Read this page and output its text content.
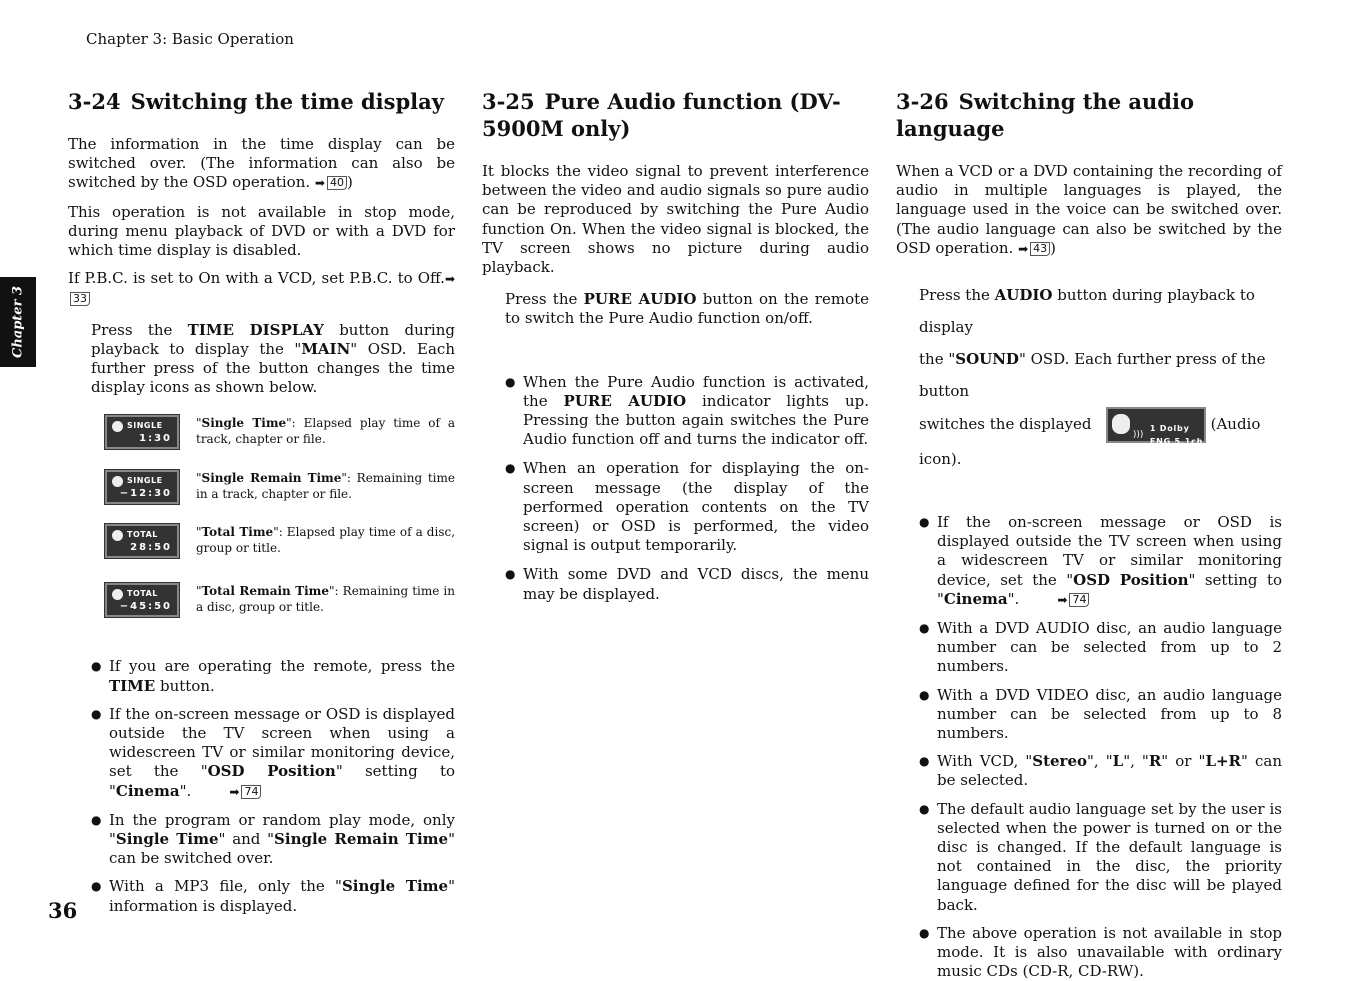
Chapter 3: Basic Operation
Chapter 3
36
3-24 Switching the time display

The information in the time display can be switched over. (The information can also be switched by the OSD operation. ➡ 40 )

This operation is not available in stop mode, during menu playback of DVD or with a DVD for which time display is disabled.

If P.B.C. is set to On with a VCD, set P.B.C. to Off.➡33

Press the TIME DISPLAY button during playback to display the "MAIN" OSD. Each further press of the button changes the time display icons as shown below.

SINGLE
1:30
"Single Time": Elapsed play time of a track, chapter or file.
SINGLE
−12:30
"Single Remain Time": Remaining time in a track, chapter or file.
TOTAL
28:50
"Total Time": Elapsed play time of a disc, group or title.
TOTAL
−45:50
"Total Remain Time": Remaining time in a disc, group or title.
● If you are operating the remote, press the TIME button.
● If the on-screen message or OSD is displayed outside the TV screen when using a widescreen TV or similar monitoring device, set the "OSD Position" setting to "Cinema".	➡ 74
● In the program or random play mode, only "Single Time" and "Single Remain Time" can be switched over.
● With a MP3 file, only the "Single Time" information is displayed.
3-25 Pure Audio function (DV-5900M only)

It blocks the video signal to prevent interference between the video and audio signals so pure audio can be reproduced by switching the Pure Audio function On. When the video signal is blocked, the TV screen shows no picture during audio playback.

Press the PURE AUDIO button on the remote to switch the Pure Audio function on/off.

● When the Pure Audio function is activated, the PURE AUDIO indicator lights up. Pressing the button again switches the Pure Audio function off and turns the indicator off.
● When an operation for displaying the on-screen message (the display of the performed operation contents on the TV screen) or OSD is performed, the video signal is output temporarily.
● With some DVD and VCD discs, the menu may be displayed.
3-26 Switching the audio language

When a VCD or a DVD containing the recording of audio in multiple languages is played, the language used in the voice can be switched over. (The audio language can also be switched by the OSD operation. ➡ 43 )

Press the AUDIO button during playback to display
the "SOUND" OSD. Each further press of the button
switches the displayed
)))
1 Dolby
ENG 5.1ch
(Audio icon).
● If the on-screen message or OSD is displayed outside the TV screen when using a widescreen TV or similar monitoring device, set the "OSD Position" setting to "Cinema".	➡ 74
● With a DVD AUDIO disc, an audio language number can be selected from up to 2 numbers.
● With a DVD VIDEO disc, an audio language number can be selected from up to 8 numbers.
● With VCD, "Stereo", "L", "R" or "L+R" can be selected.
● The default audio language set by the user is selected when the power is turned on or the disc is changed. If the default language is not contained in the disc, the priority language defined for the disc will be played back.
● The above operation is not available in stop mode. It is also unavailable with ordinary music CDs (CD-R, CD-RW).
